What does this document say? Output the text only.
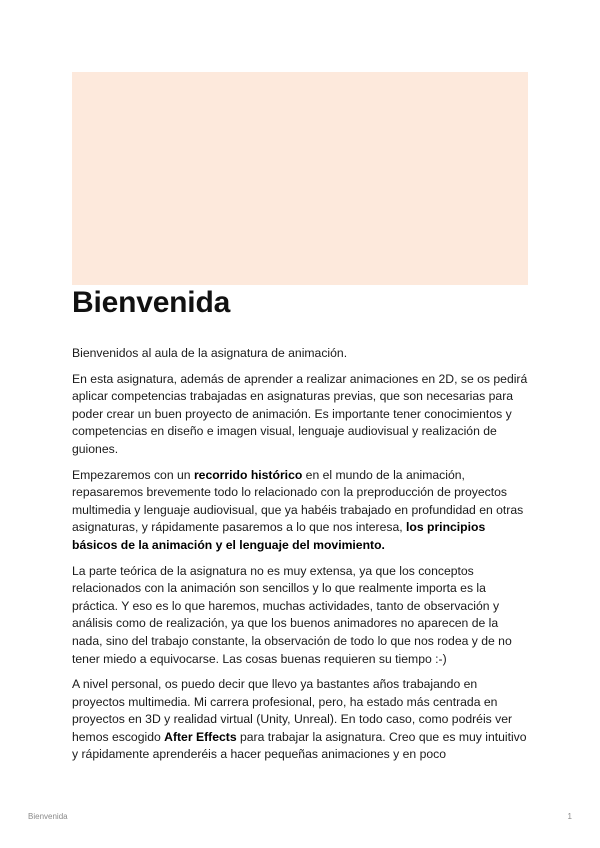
Bienvenida

Bienvenidos al aula de la asignatura de animación.

En esta asignatura, además de aprender a realizar animaciones en 2D, se os pedirá aplicar competencias trabajadas en asignaturas previas, que son necesarias para poder crear un buen proyecto de animación. Es importante tener conocimientos y competencias en diseño e imagen visual, lenguaje audiovisual y realización de guiones.

Empezaremos con un recorrido histórico en el mundo de la animación, repasaremos brevemente todo lo relacionado con la preproducción de proyectos multimedia y lenguaje audiovisual, que ya habéis trabajado en profundidad en otras asignaturas, y rápidamente pasaremos a lo que nos interesa, los principios básicos de la animación y el lenguaje del movimiento.

La parte teórica de la asignatura no es muy extensa, ya que los conceptos relacionados con la animación son sencillos y lo que realmente importa es la práctica. Y eso es lo que haremos, muchas actividades, tanto de observación y análisis como de realización, ya que los buenos animadores no aparecen de la nada, sino del trabajo constante, la observación de todo lo que nos rodea y de no tener miedo a equivocarse. Las cosas buenas requieren su tiempo :-)

A nivel personal, os puedo decir que llevo ya bastantes años trabajando en proyectos multimedia. Mi carrera profesional, pero, ha estado más centrada en proyectos en 3D y realidad virtual (Unity, Unreal). En todo caso, como podréis ver hemos escogido After Effects para trabajar la asignatura. Creo que es muy intuitivo y rápidamente aprenderéis a hacer pequeñas animaciones y en poco

Bienvenida	1
